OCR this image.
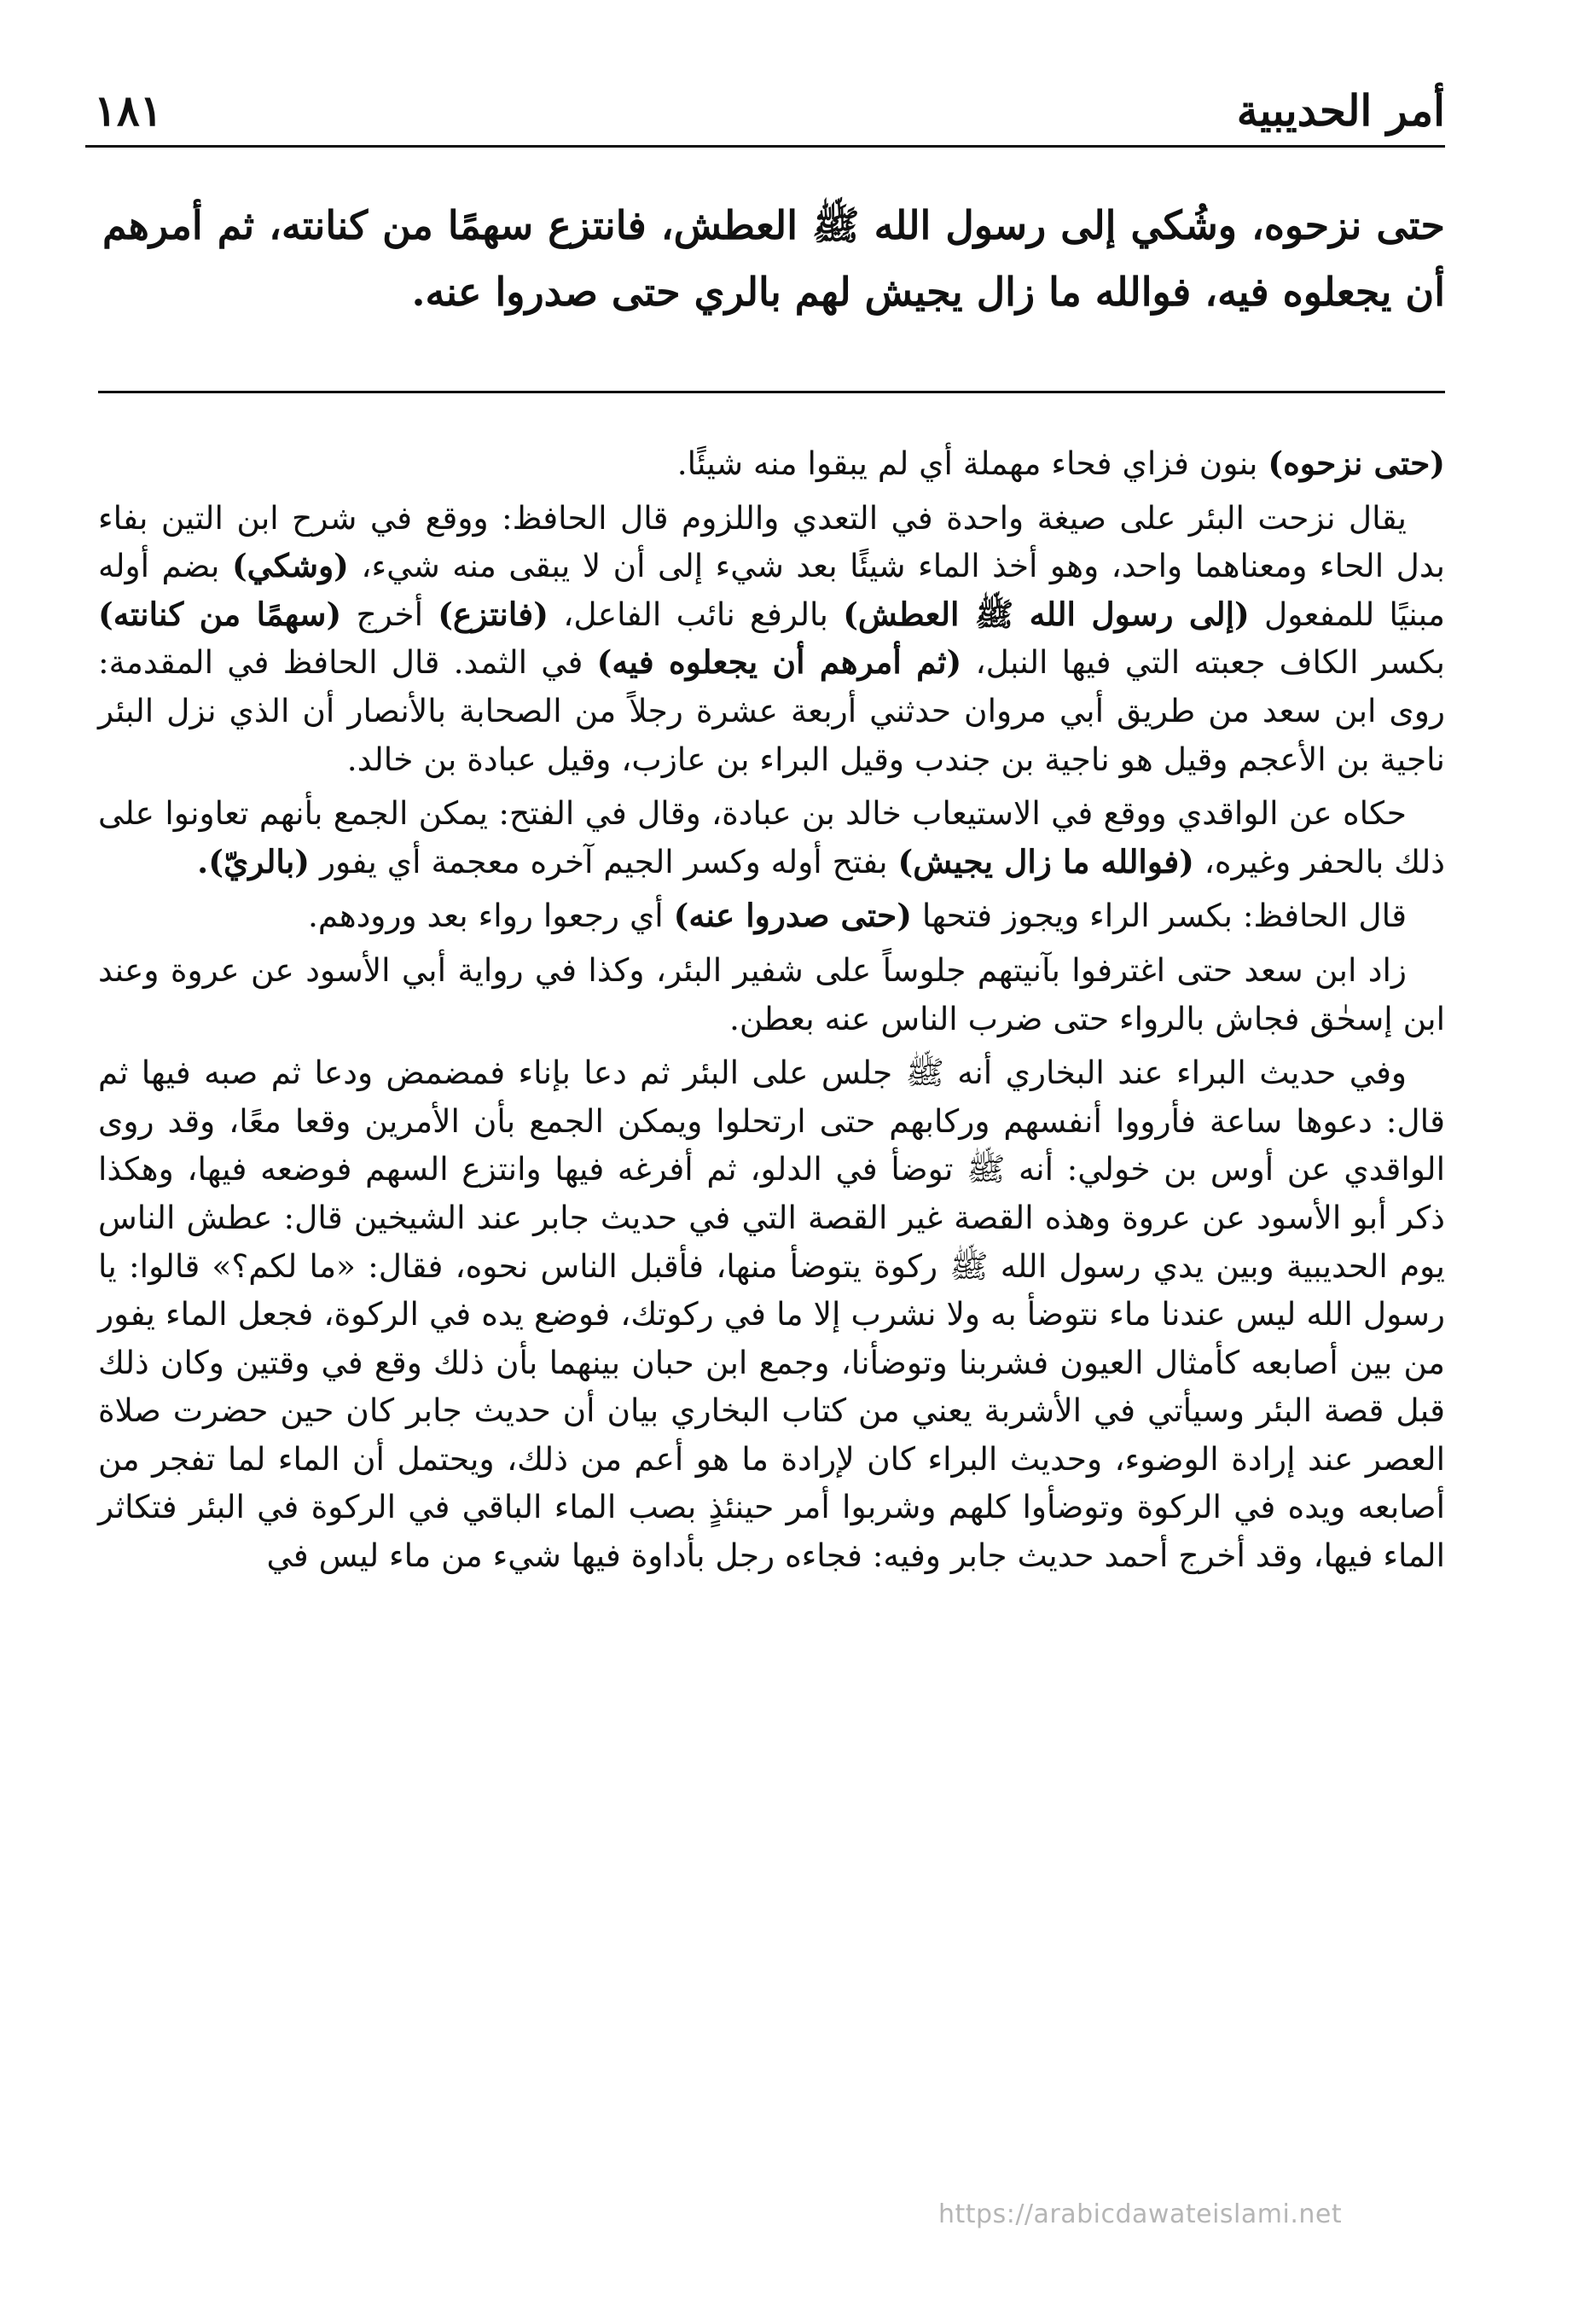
أمر الحديبية
١٨١
حتى نزحوه، وشُكي إلى رسول الله ﷺ العطش، فانتزع سهمًا من كنانته، ثم أمرهم أن يجعلوه فيه، فوالله ما زال يجيش لهم بالري حتى صدروا عنه.

(حتى نزحوه) بنون فزاي فحاء مهملة أي لم يبقوا منه شيئًا.

يقال نزحت البئر على صيغة واحدة في التعدي واللزوم قال الحافظ: ووقع في شرح ابن التين بفاء بدل الحاء ومعناهما واحد، وهو أخذ الماء شيئًا بعد شيء إلى أن لا يبقى منه شيء، (وشكي) بضم أوله مبنيًا للمفعول (إلى رسول الله ﷺ العطش) بالرفع نائب الفاعل، (فانتزع) أخرج (سهمًا من كنانته) بكسر الكاف جعبته التي فيها النبل، (ثم أمرهم أن يجعلوه فيه) في الثمد. قال الحافظ في المقدمة: روى ابن سعد من طريق أبي مروان حدثني أربعة عشرة رجلاً من الصحابة بالأنصار أن الذي نزل البئر ناجية بن الأعجم وقيل هو ناجية بن جندب وقيل البراء بن عازب، وقيل عبادة بن خالد.

حكاه عن الواقدي ووقع في الاستيعاب خالد بن عبادة، وقال في الفتح: يمكن الجمع بأنهم تعاونوا على ذلك بالحفر وغيره، (فوالله ما زال يجيش) بفتح أوله وكسر الجيم آخره معجمة أي يفور (بالريّ).

قال الحافظ: بكسر الراء ويجوز فتحها (حتى صدروا عنه) أي رجعوا رواء بعد ورودهم.

زاد ابن سعد حتى اغترفوا بآنيتهم جلوساً على شفير البئر، وكذا في رواية أبي الأسود عن عروة وعند ابن إسحٰق فجاش بالرواء حتى ضرب الناس عنه بعطن.

وفي حديث البراء عند البخاري أنه ﷺ جلس على البئر ثم دعا بإناء فمضمض ودعا ثم صبه فيها ثم قال: دعوها ساعة فأرووا أنفسهم وركابهم حتى ارتحلوا ويمكن الجمع بأن الأمرين وقعا معًا، وقد روى الواقدي عن أوس بن خولي: أنه ﷺ توضأ في الدلو، ثم أفرغه فيها وانتزع السهم فوضعه فيها، وهكذا ذكر أبو الأسود عن عروة وهذه القصة غير القصة التي في حديث جابر عند الشيخين قال: عطش الناس يوم الحديبية وبين يدي رسول الله ﷺ ركوة يتوضأ منها، فأقبل الناس نحوه، فقال: «ما لكم؟» قالوا: يا رسول الله ليس عندنا ماء نتوضأ به ولا نشرب إلا ما في ركوتك، فوضع يده في الركوة، فجعل الماء يفور من بين أصابعه كأمثال العيون فشربنا وتوضأنا، وجمع ابن حبان بينهما بأن ذلك وقع في وقتين وكان ذلك قبل قصة البئر وسيأتي في الأشربة يعني من كتاب البخاري بيان أن حديث جابر كان حين حضرت صلاة العصر عند إرادة الوضوء، وحديث البراء كان لإرادة ما هو أعم من ذلك، ويحتمل أن الماء لما تفجر من أصابعه ويده في الركوة وتوضأوا كلهم وشربوا أمر حينئذٍ بصب الماء الباقي في الركوة في البئر فتكاثر الماء فيها، وقد أخرج أحمد حديث جابر وفيه: فجاءه رجل بأداوة فيها شيء من ماء ليس في

https://arabicdawateislami.net
